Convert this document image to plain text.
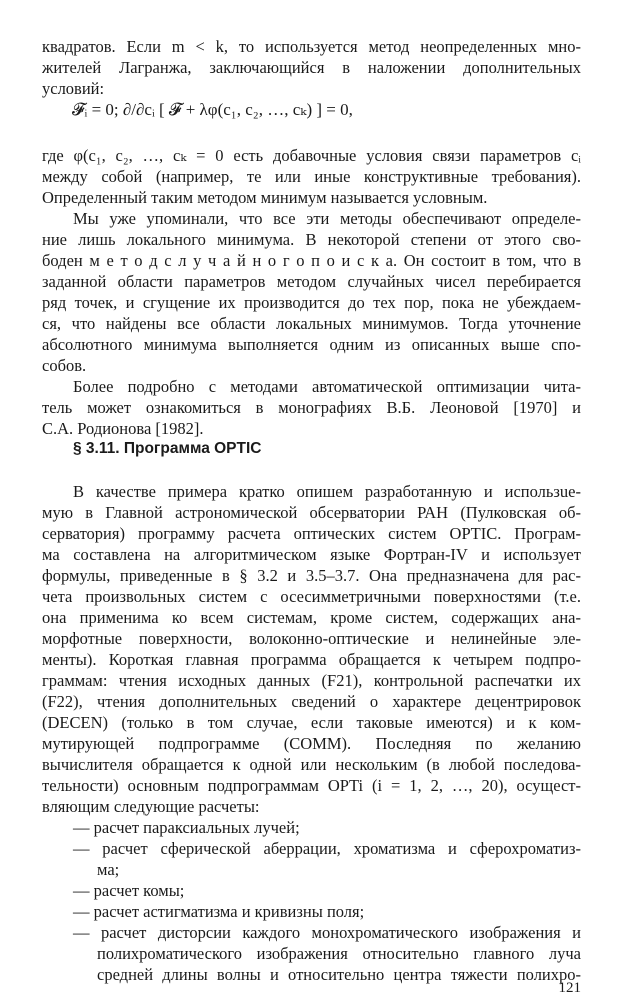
квадратов. Если m < k, то используется метод неопределенных мно-
жителей Лагранжа, заключающийся в наложении дополнительных
условий:
𝓕ᵢ = 0; ∂/∂cᵢ [ 𝓕 + λφ(c₁, c₂, …, cₖ) ] = 0,
где φ(c₁, c₂, …, cₖ = 0 есть добавочные условия связи параметров cᵢ
между собой (например, те или иные конструктивные требования).
Определенный таким методом минимум называется условным.
Мы уже упоминали, что все эти методы обеспечивают определе-
ние лишь локального минимума. В некоторой степени от этого сво-
боден м е т о д с л у ч а й н о г о п о и с к а. Он состоит в том, что в
заданной области параметров методом случайных чисел перебирается
ряд точек, и сгущение их производится до тех пор, пока не убеждаем-
ся, что найдены все области локальных минимумов. Тогда уточнение
абсолютного минимума выполняется одним из описанных выше спо-
собов.
Более подробно с методами автоматической оптимизации чита-
тель может ознакомиться в монографиях В.Б. Леоновой [1970] и
С.А. Родионова [1982].
§ 3.11. Программа OPTIC
В качестве примера кратко опишем разработанную и использue-
мую в Главной астрономической обсерватории РАН (Пулковская об-
серватория) программу расчета оптических систем OPTIC. Програм-
ма составлена на алгоритмическом языке Фортран-IV и использует
формулы, приведенные в § 3.2 и 3.5–3.7. Она предназначена для рас-
чета произвольных систем с осесимметричными поверхностями (т.е.
она применима ко всем системам, кроме систем, содержащих ана-
морфотные поверхности, волоконно-оптические и нелинейные эле-
менты). Короткая главная программа обращается к четырем подпро-
граммам: чтения исходных данных (F21), контрольной распечатки их
(F22), чтения дополнительных сведений о характере децентрировок
(DECEN) (только в том случае, если таковые имеются) и к ком-
мутирующей подпрограмме (COMM). Последняя по желанию
вычислителя обращается к одной или нескольким (в любой последова-
тельности) основным подпрограммам OPTi (i = 1, 2, …, 20), осущест-
вляющим следующие расчеты:
— расчет параксиальных лучей;
— расчет сферической аберрации, хроматизма и сферохроматиз-
ма;
— расчет комы;
— расчет астигматизма и кривизны поля;
— расчет дисторсии каждого монохроматического изображения и
полихроматического изображения относительно главного луча
средней длины волны и относительно центра тяжести полихро-
121
